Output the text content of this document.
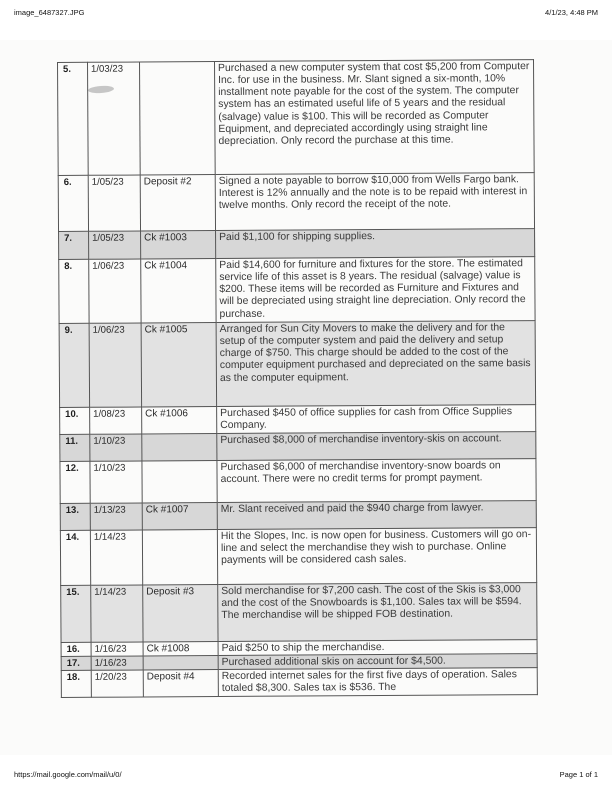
image_6487327.JPG	4/1/23, 4:48 PM
5.	1/03/23		Purchased a new computer system that cost $5,200 from Computer Inc. for use in the business. Mr. Slant signed a six-month, 10% installment note payable for the cost of the system. The computer system has an estimated useful life of 5 years and the residual (salvage) value is $100. This will be recorded as Computer Equipment, and depreciated accordingly using straight line depreciation. Only record the purchase at this time.
6.	1/05/23	Deposit #2	Signed a note payable to borrow $10,000 from Wells Fargo bank. Interest is 12% annually and the note is to be repaid with interest in twelve months. Only record the receipt of the note.
7.	1/05/23	Ck #1003	Paid $1,100 for shipping supplies.
8.	1/06/23	Ck #1004	Paid $14,600 for furniture and fixtures for the store. The estimated service life of this asset is 8 years. The residual (salvage) value is $200. These items will be recorded as Furniture and Fixtures and will be depreciated using straight line depreciation. Only record the purchase.
9.	1/06/23	Ck #1005	Arranged for Sun City Movers to make the delivery and for the setup of the computer system and paid the delivery and setup charge of $750. This charge should be added to the cost of the computer equipment purchased and depreciated on the same basis as the computer equipment.
10.	1/08/23	Ck #1006	Purchased $450 of office supplies for cash from Office Supplies Company.
11.	1/10/23		Purchased $8,000 of merchandise inventory-skis on account.
12.	1/10/23		Purchased $6,000 of merchandise inventory-snow boards on account. There were no credit terms for prompt payment.
13.	1/13/23	Ck #1007	Mr. Slant received and paid the $940 charge from lawyer.
14.	1/14/23		Hit the Slopes, Inc. is now open for business. Customers will go on-line and select the merchandise they wish to purchase. Online payments will be considered cash sales.
15.	1/14/23	Deposit #3	Sold merchandise for $7,200 cash. The cost of the Skis is $3,000 and the cost of the Snowboards is $1,100. Sales tax will be $594. The merchandise will be shipped FOB destination.
16.	1/16/23	Ck #1008	Paid $250 to ship the merchandise.
17.	1/16/23		Purchased additional skis on account for $4,500.
18.	1/20/23	Deposit #4	Recorded internet sales for the first five days of operation. Sales totaled $8,300. Sales tax is $536. The
https://mail.google.com/mail/u/0/	Page 1 of 1
